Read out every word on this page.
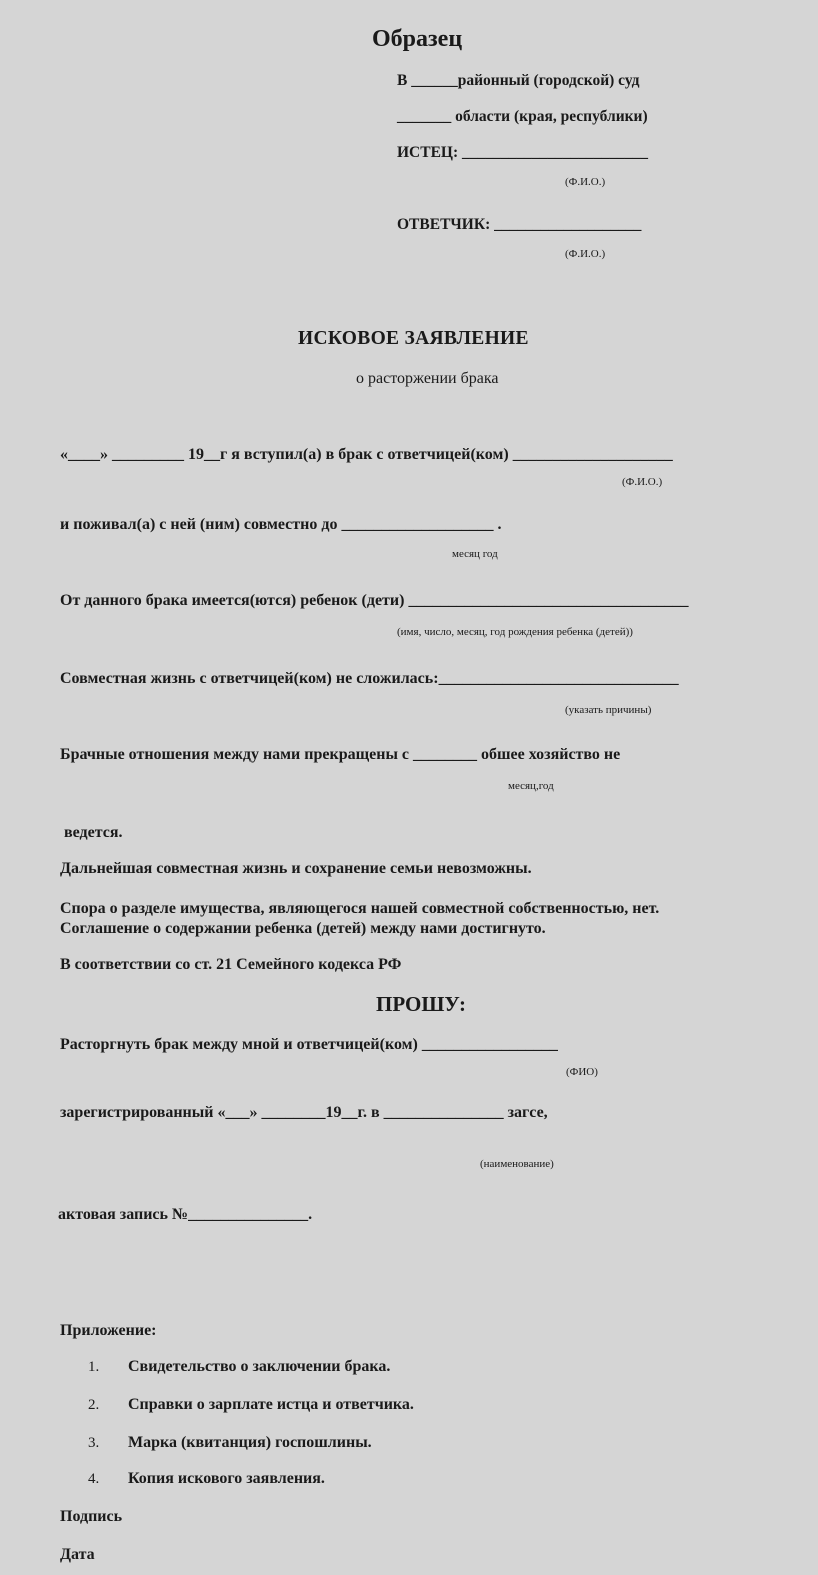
Образец
В ______районный (городской) суд
_______ области (края, республики)
ИСТЕЦ: ________________________
(Ф.И.О.)
ОТВЕТЧИК: ___________________
(Ф.И.О.)
ИСКОВОЕ ЗАЯВЛЕНИЕ
о расторжении брака
«____» _________ 19__г я вступил(а) в брак с ответчицей(ком) ____________________
(Ф.И.О.)
и поживал(а) с ней (ним) совместно до ___________________ .
месяц год
От данного брака имеется(ются) ребенок (дети) ___________________________________
(имя, число, месяц, год рождения ребенка (детей))
Совместная жизнь с ответчицей(ком) не сложилась:______________________________
(указать причины)
Брачные отношения между нами прекращены с ________ обшее хозяйство не
месяц,год
ведется.
Дальнейшая совместная жизнь и сохранение семьи невозможны.
Спора о разделе имущества, являющегося нашей совместной собственностью, нет.
Соглашение о содержании ребенка (детей) между нами достигнуто.
В соответствии со ст. 21 Семейного кодекса РФ
ПРОШУ:
Расторгнуть брак между мной и ответчицей(ком) _________________
(ФИО)
зарегистрированный «___» ________19__г. в _______________ загсе,
(наименование)
актовая запись №_______________.
Приложение:
1. Свидетельство о заключении брака.
2. Справки о зарплате истца и ответчика.
3. Марка (квитанция) госпошлины.
4. Копия искового заявления.
Подпись
Дата
